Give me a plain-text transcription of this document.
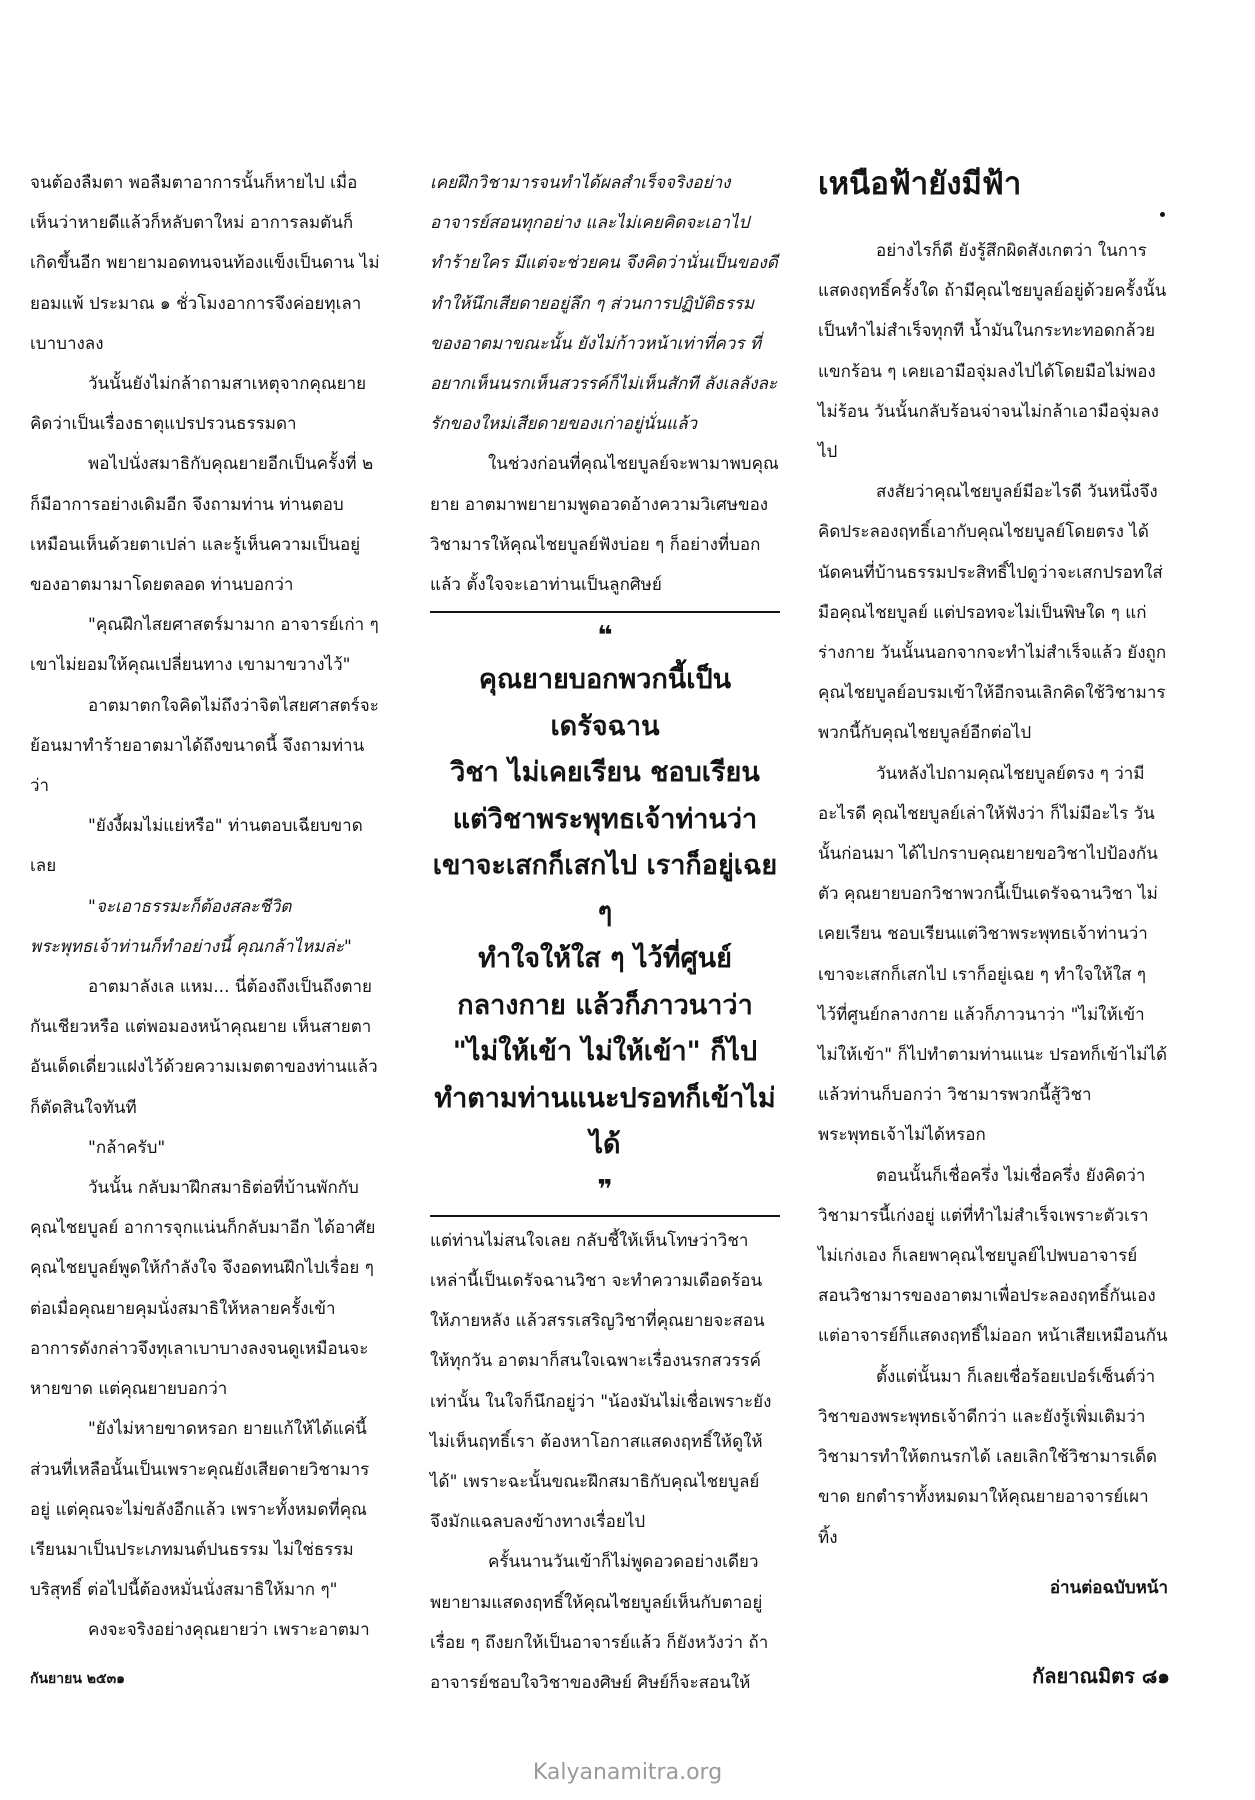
จนต้องลืมตา พอลืมตาอาการนั้นก็หายไป เมื่อเห็นว่าหายดีแล้วก็หลับตาใหม่ อาการลมตันก็เกิดขึ้นอีก พยายามอดทนจนท้องแข็งเป็นดาน ไม่ยอมแพ้ ประมาณ ๑ ชั่วโมงอาการจึงค่อยทุเลาเบาบางลง

วันนั้นยังไม่กล้าถามสาเหตุจากคุณยาย คิดว่าเป็นเรื่องธาตุแปรปรวนธรรมดา

พอไปนั่งสมาธิกับคุณยายอีกเป็นครั้งที่ ๒ ก็มีอาการอย่างเดิมอีก จึงถามท่าน ท่านตอบเหมือนเห็นด้วยตาเปล่า และรู้เห็นความเป็นอยู่ของอาตมามาโดยตลอด ท่านบอกว่า

"คุณฝึกไสยศาสตร์มามาก อาจารย์เก่า ๆ เขาไม่ยอมให้คุณเปลี่ยนทาง เขามาขวางไว้"

อาตมาตกใจคิดไม่ถึงว่าจิตไสยศาสตร์จะย้อนมาทำร้ายอาตมาได้ถึงขนาดนี้ จึงถามท่านว่า

"ยังงี้ผมไม่แย่หรือ" ท่านตอบเฉียบขาดเลย

"จะเอาธรรมะก็ต้องสละชีวิต พระพุทธเจ้าท่านก็ทำอย่างนี้ คุณกล้าไหมล่ะ"

อาตมาลังเล แหม... นี่ต้องถึงเป็นถึงตายกันเชียวหรือ แต่พอมองหน้าคุณยาย เห็นสายตาอันเด็ดเดี่ยวแฝงไว้ด้วยความเมตตาของท่านแล้ว ก็ตัดสินใจทันที

"กล้าครับ"

วันนั้น กลับมาฝึกสมาธิต่อที่บ้านพักกับคุณไชยบูลย์ อาการจุกแน่นก็กลับมาอีก ได้อาศัยคุณไชยบูลย์พูดให้กำลังใจ จึงอดทนฝึกไปเรื่อย ๆ ต่อเมื่อคุณยายคุมนั่งสมาธิให้หลายครั้งเข้า อาการดังกล่าวจึงทุเลาเบาบางลงจนดูเหมือนจะหายขาด แต่คุณยายบอกว่า

"ยังไม่หายขาดหรอก ยายแก้ให้ได้แค่นี้ ส่วนที่เหลือนั้นเป็นเพราะคุณยังเสียดายวิชามารอยู่ แต่คุณจะไม่ขลังอีกแล้ว เพราะทั้งหมดที่คุณเรียนมาเป็นประเภทมนต์ปนธรรม ไม่ใช่ธรรมบริสุทธิ์ ต่อไปนี้ต้องหมั่นนั่งสมาธิให้มาก ๆ"

คงจะจริงอย่างคุณยายว่า เพราะอาตมา

เคยฝึกวิชามารจนทำได้ผลสำเร็จจริงอย่างอาจารย์สอนทุกอย่าง และไม่เคยคิดจะเอาไปทำร้ายใคร มีแต่จะช่วยคน จึงคิดว่านั่นเป็นของดี ทำให้นึกเสียดายอยู่ลึก ๆ ส่วนการปฏิบัติธรรมของอาตมาขณะนั้น ยังไม่ก้าวหน้าเท่าที่ควร ที่อยากเห็นนรกเห็นสวรรค์ก็ไม่เห็นสักที ลังเลลังละ รักของใหม่เสียดายของเก่าอยู่นั่นแล้ว

ในช่วงก่อนที่คุณไชยบูลย์จะพามาพบคุณยาย อาตมาพยายามพูดอวดอ้างความวิเศษของวิชามารให้คุณไชยบูลย์ฟังบ่อย ๆ ก็อย่างที่บอกแล้ว ตั้งใจจะเอาท่านเป็นลูกศิษย์

❝
คุณยายบอกพวกนี้เป็นเดรัจฉาน
วิชา ไม่เคยเรียน ชอบเรียน
แต่วิชาพระพุทธเจ้าท่านว่า
เขาจะเสกก็เสกไป เราก็อยู่เฉย ๆ
ทำใจให้ใส ๆ ไว้ที่ศูนย์
กลางกาย แล้วก็ภาวนาว่า
"ไม่ให้เข้า ไม่ให้เข้า" ก็ไป
ทำตามท่านแนะปรอทก็เข้าไม่ได้
❞

แต่ท่านไม่สนใจเลย กลับชี้ให้เห็นโทษว่าวิชาเหล่านี้เป็นเดรัจฉานวิชา จะทำความเดือดร้อนให้ภายหลัง แล้วสรรเสริญวิชาที่คุณยายจะสอนให้ทุกวัน อาตมาก็สนใจเฉพาะเรื่องนรกสวรรค์เท่านั้น ในใจก็นึกอยู่ว่า "น้องมันไม่เชื่อเพราะยังไม่เห็นฤทธิ์เรา ต้องหาโอกาสแสดงฤทธิ์ให้ดูให้ได้" เพราะฉะนั้นขณะฝึกสมาธิกับคุณไชยบูลย์ จึงมักแฉลบลงข้างทางเรื่อยไป

ครั้นนานวันเข้าก็ไม่พูดอวดอย่างเดียว พยายามแสดงฤทธิ์ให้คุณไชยบูลย์เห็นกับตาอยู่เรื่อย ๆ ถึงยกให้เป็นอาจารย์แล้ว ก็ยังหวังว่า ถ้าอาจารย์ชอบใจวิชาของศิษย์ ศิษย์ก็จะสอนให้

เหนือฟ้ายังมีฟ้า

อย่างไรก็ดี ยังรู้สึกผิดสังเกตว่า ในการแสดงฤทธิ์ครั้งใด ถ้ามีคุณไชยบูลย์อยู่ด้วยครั้งนั้นเป็นทำไม่สำเร็จทุกที น้ำมันในกระทะทอดกล้วยแขกร้อน ๆ เคยเอามือจุ่มลงไปได้โดยมือไม่พองไม่ร้อน วันนั้นกลับร้อนจ่าจนไม่กล้าเอามือจุ่มลงไป

สงสัยว่าคุณไชยบูลย์มีอะไรดี วันหนึ่งจึงคิดประลองฤทธิ์เอากับคุณไชยบูลย์โดยตรง ได้นัดคนที่บ้านธรรมประสิทธิ์ไปดูว่าจะเสกปรอทใส่มือคุณไชยบูลย์ แต่ปรอทจะไม่เป็นพิษใด ๆ แก่ร่างกาย วันนั้นนอกจากจะทำไม่สำเร็จแล้ว ยังถูกคุณไชยบูลย์อบรมเข้าให้อีกจนเลิกคิดใช้วิชามารพวกนี้กับคุณไชยบูลย์อีกต่อไป

วันหลังไปถามคุณไชยบูลย์ตรง ๆ ว่ามีอะไรดี คุณไชยบูลย์เล่าให้ฟังว่า ก็ไม่มีอะไร วันนั้นก่อนมา ได้ไปกราบคุณยายขอวิชาไปป้องกันตัว คุณยายบอกวิชาพวกนี้เป็นเดรัจฉานวิชา ไม่เคยเรียน ชอบเรียนแต่วิชาพระพุทธเจ้าท่านว่าเขาจะเสกก็เสกไป เราก็อยู่เฉย ๆ ทำใจให้ใส ๆ ไว้ที่ศูนย์กลางกาย แล้วก็ภาวนาว่า "ไม่ให้เข้า ไม่ให้เข้า" ก็ไปทำตามท่านแนะ ปรอทก็เข้าไม่ได้ แล้วท่านก็บอกว่า วิชามารพวกนี้สู้วิชาพระพุทธเจ้าไม่ได้หรอก

ตอนนั้นก็เชื่อครึ่ง ไม่เชื่อครึ่ง ยังคิดว่าวิชามารนี้เก่งอยู่ แต่ที่ทำไม่สำเร็จเพราะตัวเราไม่เก่งเอง ก็เลยพาคุณไชยบูลย์ไปพบอาจารย์สอนวิชามารของอาตมาเพื่อประลองฤทธิ์กันเอง แต่อาจารย์ก็แสดงฤทธิ์ไม่ออก หน้าเสียเหมือนกัน

ตั้งแต่นั้นมา ก็เลยเชื่อร้อยเปอร์เซ็นต์ว่าวิชาของพระพุทธเจ้าดีกว่า และยังรู้เพิ่มเติมว่าวิชามารทำให้ตกนรกได้ เลยเลิกใช้วิชามารเด็ดขาด ยกตำราทั้งหมดมาให้คุณยายอาจารย์เผาทิ้ง

อ่านต่อฉบับหน้า
กันยายน ๒๕๓๑	กัลยาณมิตร ๘๑
Kalyanamitra.org
